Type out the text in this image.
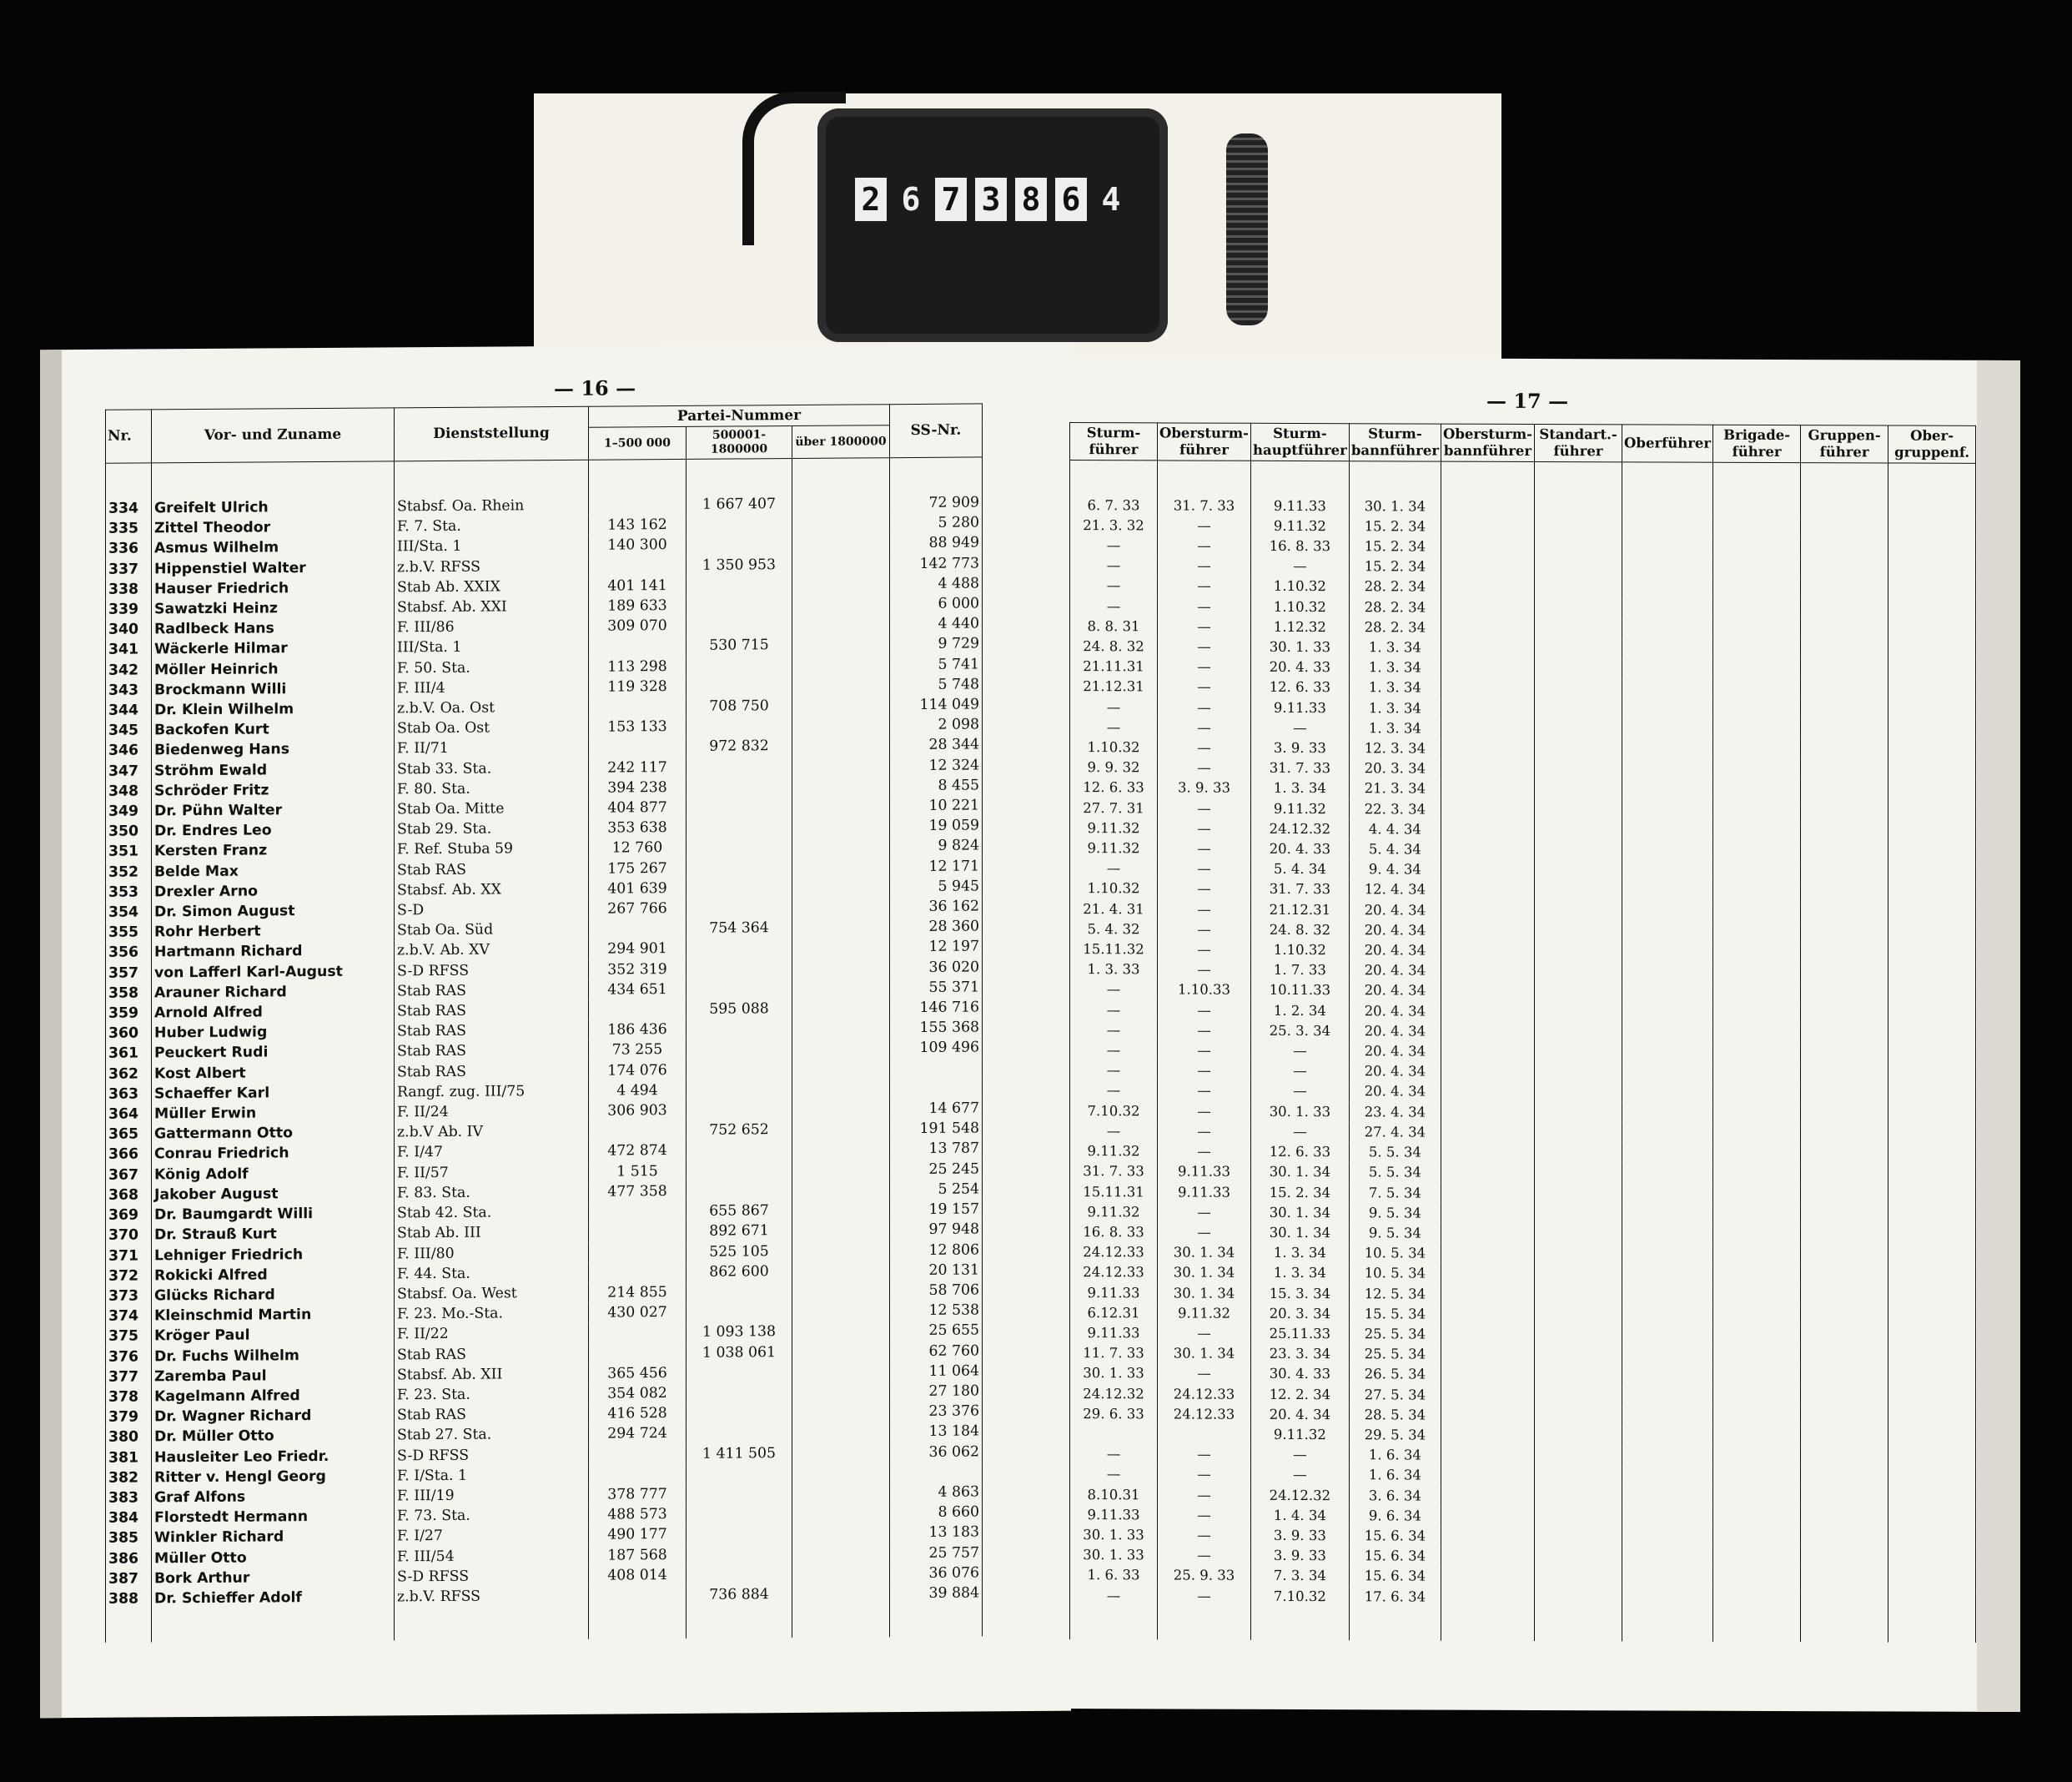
2 6 7 3 8 6 4
— 16 —
Nr.	Vor- und Zuname	Dienststellung	Partei-Nummer			SS-Nr.
			1–500 000	500001-1800000	über 1800000	
334	Greifelt Ulrich	Stabsf. Oa. Rhein		1 667 407		72 909
335	Zittel Theodor	F. 7. Sta.	143 162			5 280
336	Asmus Wilhelm	III/Sta. 1	140 300			88 949
337	Hippenstiel Walter	z.b.V. RFSS		1 350 953		142 773
338	Hauser Friedrich	Stab Ab. XXIX	401 141			4 488
339	Sawatzki Heinz	Stabsf. Ab. XXI	189 633			6 000
340	Radlbeck Hans	F. III/86	309 070			4 440
341	Wäckerle Hilmar	III/Sta. 1		530 715		9 729
342	Möller Heinrich	F. 50. Sta.	113 298			5 741
343	Brockmann Willi	F. III/4	119 328			5 748
344	Dr. Klein Wilhelm	z.b.V. Oa. Ost		708 750		114 049
345	Backofen Kurt	Stab Oa. Ost	153 133			2 098
346	Biedenweg Hans	F. II/71		972 832		28 344
347	Ströhm Ewald	Stab 33. Sta.	242 117			12 324
348	Schröder Fritz	F. 80. Sta.	394 238			8 455
349	Dr. Pühn Walter	Stab Oa. Mitte	404 877			10 221
350	Dr. Endres Leo	Stab 29. Sta.	353 638			19 059
351	Kersten Franz	F. Ref. Stuba 59	12 760			9 824
352	Belde Max	Stab RAS	175 267			12 171
353	Drexler Arno	Stabsf. Ab. XX	401 639			5 945
354	Dr. Simon August	S-D	267 766			36 162
355	Rohr Herbert	Stab Oa. Süd		754 364		28 360
356	Hartmann Richard	z.b.V. Ab. XV	294 901			12 197
357	von Lafferl Karl-August	S-D RFSS	352 319			36 020
358	Arauner Richard	Stab RAS	434 651			55 371
359	Arnold Alfred	Stab RAS		595 088		146 716
360	Huber Ludwig	Stab RAS	186 436			155 368
361	Peuckert Rudi	Stab RAS	73 255			109 496
362	Kost Albert	Stab RAS	174 076			
363	Schaeffer Karl	Rangf. zug. III/75	4 494			
364	Müller Erwin	F. II/24	306 903			14 677
365	Gattermann Otto	z.b.V Ab. IV		752 652		191 548
366	Conrau Friedrich	F. I/47	472 874			13 787
367	König Adolf	F. II/57	1 515			25 245
368	Jakober August	F. 83. Sta.	477 358			5 254
369	Dr. Baumgardt Willi	Stab 42. Sta.		655 867		19 157
370	Dr. Strauß Kurt	Stab Ab. III		892 671		97 948
371	Lehniger Friedrich	F. III/80		525 105		12 806
372	Rokicki Alfred	F. 44. Sta.		862 600		20 131
373	Glücks Richard	Stabsf. Oa. West	214 855			58 706
374	Kleinschmid Martin	F. 23. Mo.-Sta.	430 027			12 538
375	Kröger Paul	F. II/22		1 093 138		25 655
376	Dr. Fuchs Wilhelm	Stab RAS		1 038 061		62 760
377	Zaremba Paul	Stabsf. Ab. XII	365 456			11 064
378	Kagelmann Alfred	F. 23. Sta.	354 082			27 180
379	Dr. Wagner Richard	Stab RAS	416 528			23 376
380	Dr. Müller Otto	Stab 27. Sta.	294 724			13 184
381	Hausleiter Leo Friedr.	S-D RFSS		1 411 505		36 062
382	Ritter v. Hengl Georg	F. I/Sta. 1				
383	Graf Alfons	F. III/19	378 777			4 863
384	Florstedt Hermann	F. 73. Sta.	488 573			8 660
385	Winkler Richard	F. I/27	490 177			13 183
386	Müller Otto	F. III/54	187 568			25 757
387	Bork Arthur	S-D RFSS	408 014			36 076
388	Dr. Schieffer Adolf	z.b.V. RFSS		736 884		39 884
— 17 —
Sturm-führer	Obersturm-führer	Sturm-hauptführer	Sturm-bannführer	Obersturm-bannführer	Standart.-führer	Oberführer	Brigade-führer	Gruppen-führer	Ober-gruppenf.
6. 7. 33	31. 7. 33	9.11.33	30. 1. 34						
21. 3. 32	—	9.11.32	15. 2. 34						
—	—	16. 8. 33	15. 2. 34						
—	—	—	15. 2. 34						
—	—	1.10.32	28. 2. 34						
—	—	1.10.32	28. 2. 34						
8. 8. 31	—	1.12.32	28. 2. 34						
24. 8. 32	—	30. 1. 33	1. 3. 34						
21.11.31	—	20. 4. 33	1. 3. 34						
21.12.31	—	12. 6. 33	1. 3. 34						
—	—	9.11.33	1. 3. 34						
—	—	—	1. 3. 34						
1.10.32	—	3. 9. 33	12. 3. 34						
9. 9. 32	—	31. 7. 33	20. 3. 34						
12. 6. 33	3. 9. 33	1. 3. 34	21. 3. 34						
27. 7. 31	—	9.11.32	22. 3. 34						
9.11.32	—	24.12.32	4. 4. 34						
9.11.32	—	20. 4. 33	5. 4. 34						
—	—	5. 4. 34	9. 4. 34						
1.10.32	—	31. 7. 33	12. 4. 34						
21. 4. 31	—	21.12.31	20. 4. 34						
5. 4. 32	—	24. 8. 32	20. 4. 34						
15.11.32	—	1.10.32	20. 4. 34						
1. 3. 33	—	1. 7. 33	20. 4. 34						
—	1.10.33	10.11.33	20. 4. 34						
—	—	1. 2. 34	20. 4. 34						
—	—	25. 3. 34	20. 4. 34						
—	—	—	20. 4. 34						
—	—	—	20. 4. 34						
—	—	—	20. 4. 34						
7.10.32	—	30. 1. 33	23. 4. 34						
—	—	—	27. 4. 34						
9.11.32	—	12. 6. 33	5. 5. 34						
31. 7. 33	9.11.33	30. 1. 34	5. 5. 34						
15.11.31	9.11.33	15. 2. 34	7. 5. 34						
9.11.32	—	30. 1. 34	9. 5. 34						
16. 8. 33	—	30. 1. 34	9. 5. 34						
24.12.33	30. 1. 34	1. 3. 34	10. 5. 34						
24.12.33	30. 1. 34	1. 3. 34	10. 5. 34						
9.11.33	30. 1. 34	15. 3. 34	12. 5. 34						
6.12.31	9.11.32	20. 3. 34	15. 5. 34						
9.11.33	—	25.11.33	25. 5. 34						
11. 7. 33	30. 1. 34	23. 3. 34	25. 5. 34						
30. 1. 33	—	30. 4. 33	26. 5. 34						
24.12.32	24.12.33	12. 2. 34	27. 5. 34						
29. 6. 33	24.12.33	20. 4. 34	28. 5. 34						
		9.11.32	29. 5. 34						
—	—	—	1. 6. 34						
—	—	—	1. 6. 34						
8.10.31	—	24.12.32	3. 6. 34						
9.11.33	—	1. 4. 34	9. 6. 34						
30. 1. 33	—	3. 9. 33	15. 6. 34						
30. 1. 33	—	3. 9. 33	15. 6. 34						
1. 6. 33	25. 9. 33	7. 3. 34	15. 6. 34						
—	—	7.10.32	17. 6. 34						
